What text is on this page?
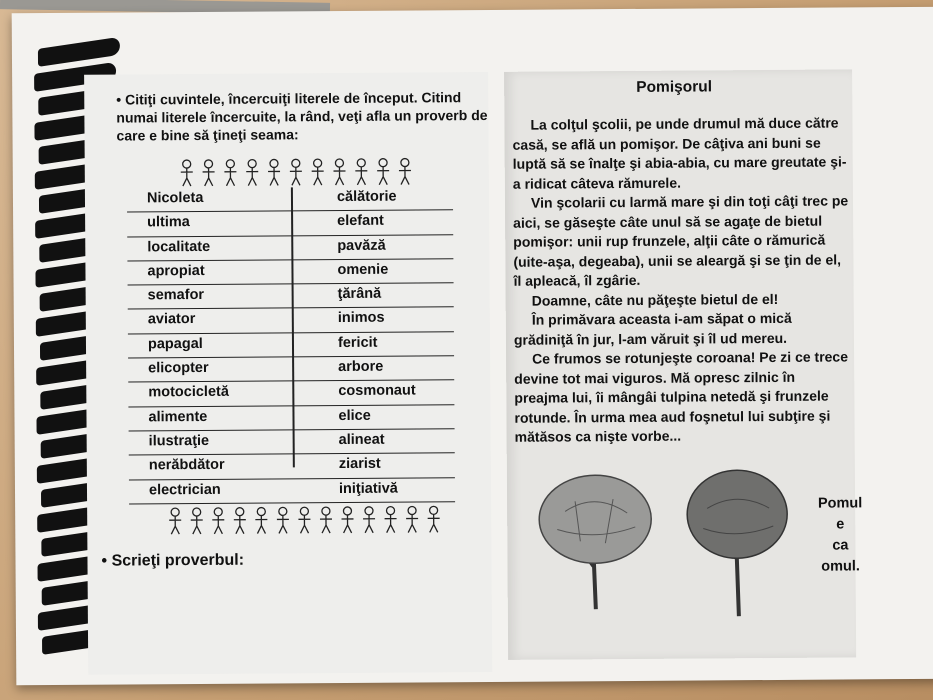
• Citiţi cuvintele, încercuiţi literele de început. Citind numai literele încercuite, la rând, veţi afla un proverb de care e bine să ţineţi seama:
Nicoleta	călătorie
ultima	elefant
localitate	pavăză
apropiat	omenie
semafor	ţărână
aviator	inimos
papagal	fericit
elicopter	arbore
motocicletă	cosmonaut
alimente	elice
ilustraţie	alineat
nerăbdător	ziarist
electrician	iniţiativă
• Scrieţi proverbul:
Pomişorul

La colţul şcolii, pe unde drumul mă duce către casă, se află un pomişor. De câţiva ani buni se luptă să se înalţe şi abia-abia, cu mare greutate şi-a ridicat câteva rămurele.

Vin şcolarii cu larmă mare şi din toţi câţi trec pe aici, se găseşte câte unul să se agaţe de bietul pomişor: unii rup frunzele, alţii câte o rămurică (uite-aşa, degeaba), unii se aleargă şi se ţin de el, îl apleacă, îl zgârie.

Doamne, câte nu păţeşte bietul de el!

În primăvara aceasta i-am săpat o mică grădiniţă în jur, l-am văruit şi îl ud mereu.

Ce frumos se rotunjeşte coroana! Pe zi ce trece devine tot mai viguros. Mă opresc zilnic în preajma lui, îi mângâi tulpina netedă şi frunzele rotunde. În urma mea aud foşnetul lui subţire şi mătăsos ca nişte vorbe...

Pomul
e
ca
omul.
